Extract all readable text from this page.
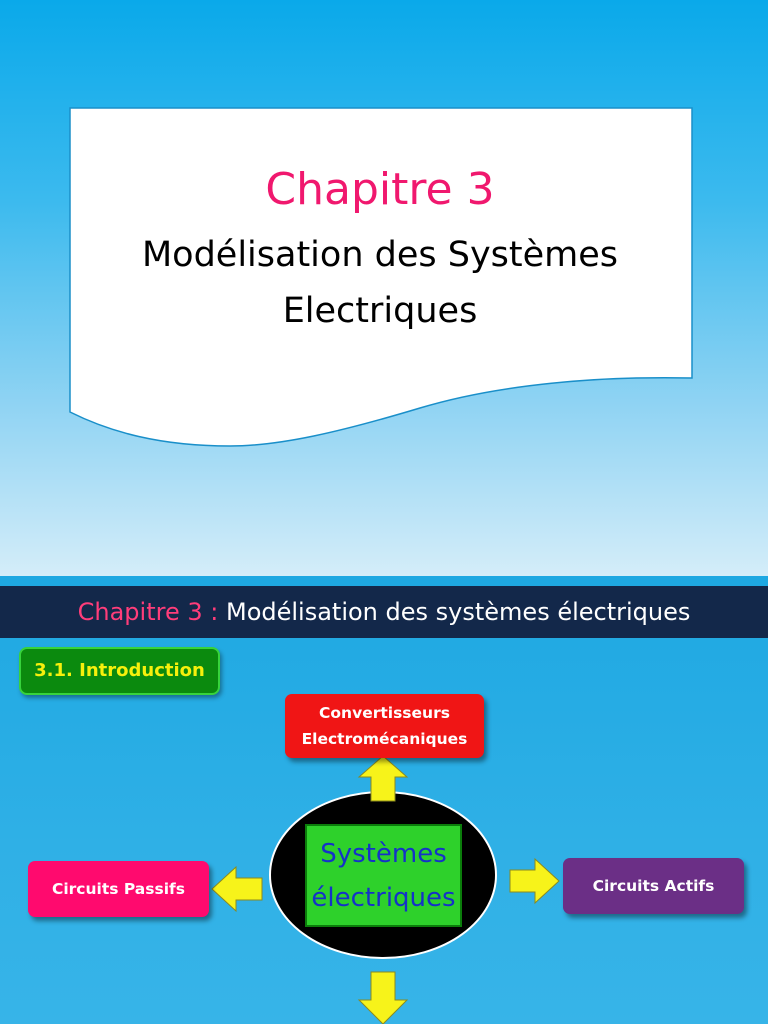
Chapitre 3
Modélisation des Systèmes
Electriques
Chapitre 3 : Modélisation des systèmes électriques
3.1. Introduction
Convertisseurs
Electromécaniques
Circuits Passifs	Circuits Actifs
Systèmes
électriques
